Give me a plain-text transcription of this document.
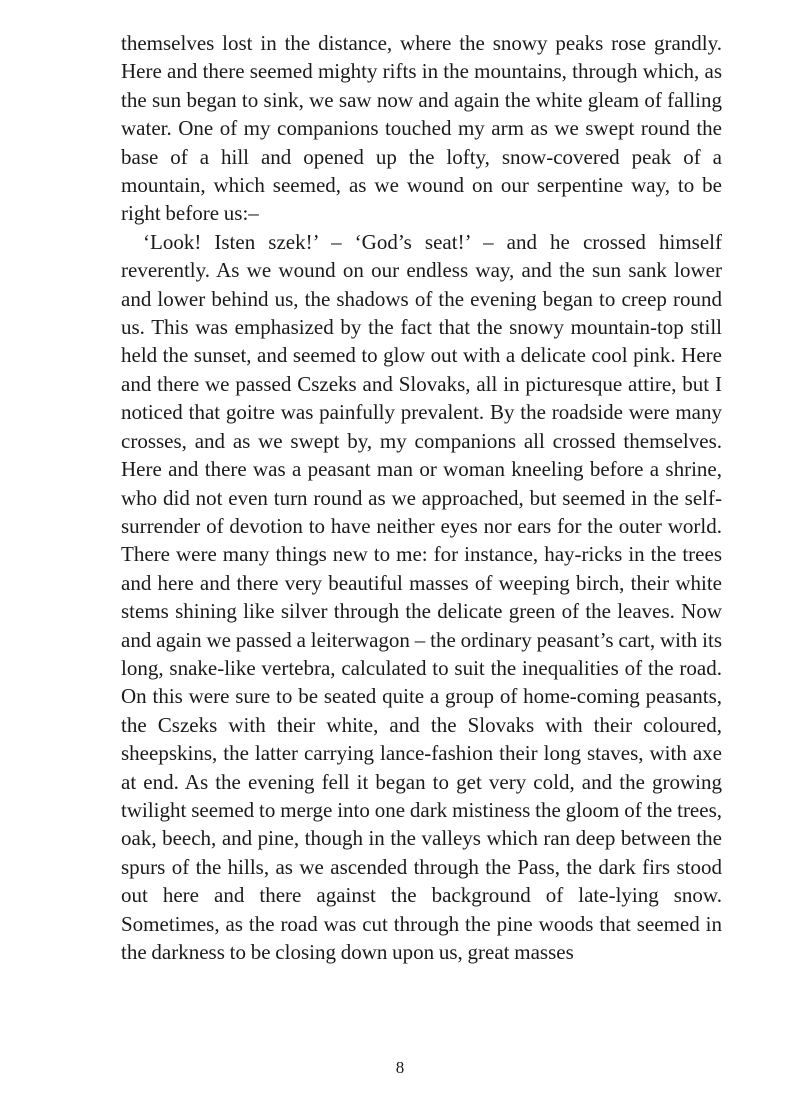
themselves lost in the distance, where the snowy peaks rose grandly. Here and there seemed mighty rifts in the mountains, through which, as the sun began to sink, we saw now and again the white gleam of falling water. One of my companions touched my arm as we swept round the base of a hill and opened up the lofty, snow-covered peak of a mountain, which seemed, as we wound on our serpentine way, to be right before us:–

‘Look! Isten szek!’ – ‘God’s seat!’ – and he crossed himself reverently. As we wound on our endless way, and the sun sank lower and lower behind us, the shadows of the evening began to creep round us. This was emphasized by the fact that the snowy mountain-top still held the sunset, and seemed to glow out with a delicate cool pink. Here and there we passed Cszeks and Slovaks, all in picturesque attire, but I noticed that goitre was painfully prevalent. By the roadside were many crosses, and as we swept by, my companions all crossed themselves. Here and there was a peasant man or woman kneeling before a shrine, who did not even turn round as we approached, but seemed in the self-surrender of devotion to have neither eyes nor ears for the outer world. There were many things new to me: for instance, hay-ricks in the trees and here and there very beautiful masses of weeping birch, their white stems shining like silver through the delicate green of the leaves. Now and again we passed a leiterwagon – the ordinary peasant’s cart, with its long, snake-like vertebra, calculated to suit the inequalities of the road. On this were sure to be seated quite a group of home-coming peasants, the Cszeks with their white, and the Slovaks with their coloured, sheepskins, the latter carrying lance-fashion their long staves, with axe at end. As the evening fell it began to get very cold, and the growing twilight seemed to merge into one dark mistiness the gloom of the trees, oak, beech, and pine, though in the valleys which ran deep between the spurs of the hills, as we ascended through the Pass, the dark firs stood out here and there against the background of late-lying snow. Sometimes, as the road was cut through the pine woods that seemed in the darkness to be closing down upon us, great masses

8
